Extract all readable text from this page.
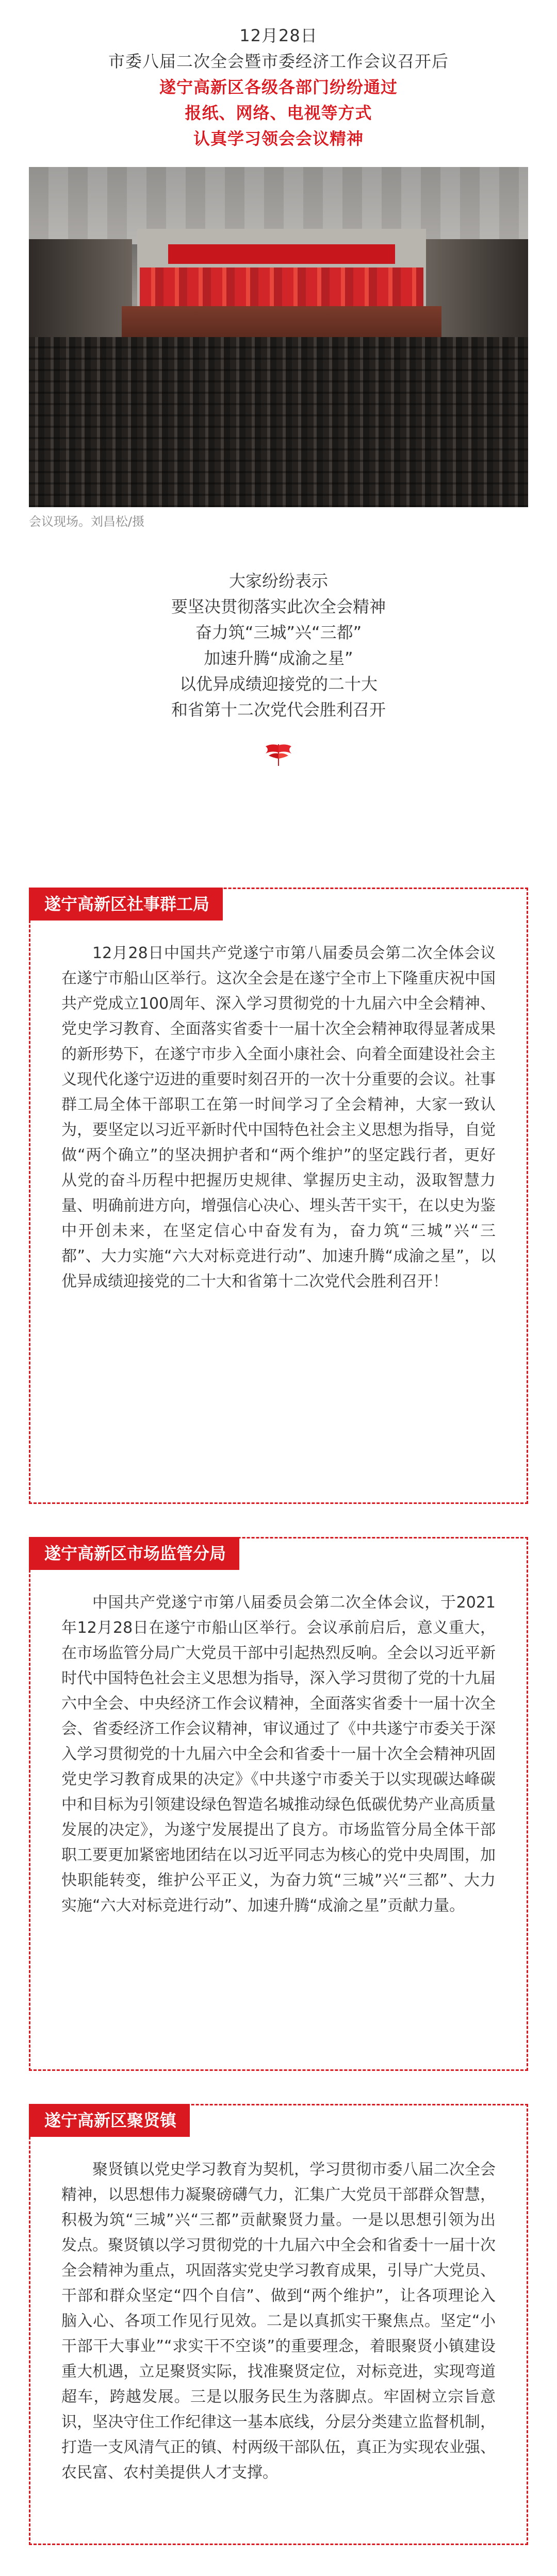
12月28日

市委八届二次全会暨市委经济工作会议召开后

遂宁高新区各级各部门纷纷通过

报纸、网络、电视等方式

认真学习领会会议精神

会议现场。刘昌松/摄

大家纷纷表示

要坚决贯彻落实此次全会精神

奋力筑“三城”兴“三都”

加速升腾“成渝之星”

以优异成绩迎接党的二十大

和省第十二次党代会胜利召开

遂宁高新区社事群工局

12月28日中国共产党遂宁市第八届委员会第二次全体会议在遂宁市船山区举行。这次全会是在遂宁全市上下隆重庆祝中国共产党成立100周年、深入学习贯彻党的十九届六中全会精神、党史学习教育、全面落实省委十一届十次全会精神取得显著成果的新形势下，在遂宁市步入全面小康社会、向着全面建设社会主义现代化遂宁迈进的重要时刻召开的一次十分重要的会议。社事群工局全体干部职工在第一时间学习了全会精神，大家一致认为，要坚定以习近平新时代中国特色社会主义思想为指导，自觉做“两个确立”的坚决拥护者和“两个维护”的坚定践行者，更好从党的奋斗历程中把握历史规律、掌握历史主动，汲取智慧力量、明确前进方向，增强信心决心、埋头苦干实干，在以史为鉴中开创未来，在坚定信心中奋发有为，奋力筑“三城”兴“三都”、大力实施“六大对标竞进行动”、加速升腾“成渝之星”，以优异成绩迎接党的二十大和省第十二次党代会胜利召开！

遂宁高新区市场监管分局

中国共产党遂宁市第八届委员会第二次全体会议，于2021年12月28日在遂宁市船山区举行。会议承前启后，意义重大，在市场监管分局广大党员干部中引起热烈反响。全会以习近平新时代中国特色社会主义思想为指导，深入学习贯彻了党的十九届六中全会、中央经济工作会议精神，全面落实省委十一届十次全会、省委经济工作会议精神，审议通过了《中共遂宁市委关于深入学习贯彻党的十九届六中全会和省委十一届十次全会精神巩固党史学习教育成果的决定》《中共遂宁市委关于以实现碳达峰碳中和目标为引领建设绿色智造名城推动绿色低碳优势产业高质量发展的决定》，为遂宁发展提出了良方。市场监管分局全体干部职工要更加紧密地团结在以习近平同志为核心的党中央周围，加快职能转变，维护公平正义，为奋力筑“三城”兴“三都”、大力实施“六大对标竞进行动”、加速升腾“成渝之星”贡献力量。

遂宁高新区聚贤镇

聚贤镇以党史学习教育为契机，学习贯彻市委八届二次全会精神，以思想伟力凝聚磅礴气力，汇集广大党员干部群众智慧，积极为筑“三城”兴“三都”贡献聚贤力量。一是以思想引领为出发点。聚贤镇以学习贯彻党的十九届六中全会和省委十一届十次全会精神为重点，巩固落实党史学习教育成果，引导广大党员、干部和群众坚定“四个自信”、做到“两个维护”，让各项理论入脑入心、各项工作见行见效。二是以真抓实干聚焦点。坚定“小干部干大事业”“求实干不空谈”的重要理念，着眼聚贤小镇建设重大机遇，立足聚贤实际，找准聚贤定位，对标竞进，实现弯道超车，跨越发展。三是以服务民生为落脚点。牢固树立宗旨意识，坚决守住工作纪律这一基本底线，分层分类建立监督机制，打造一支风清气正的镇、村两级干部队伍，真正为实现农业强、农民富、农村美提供人才支撑。
